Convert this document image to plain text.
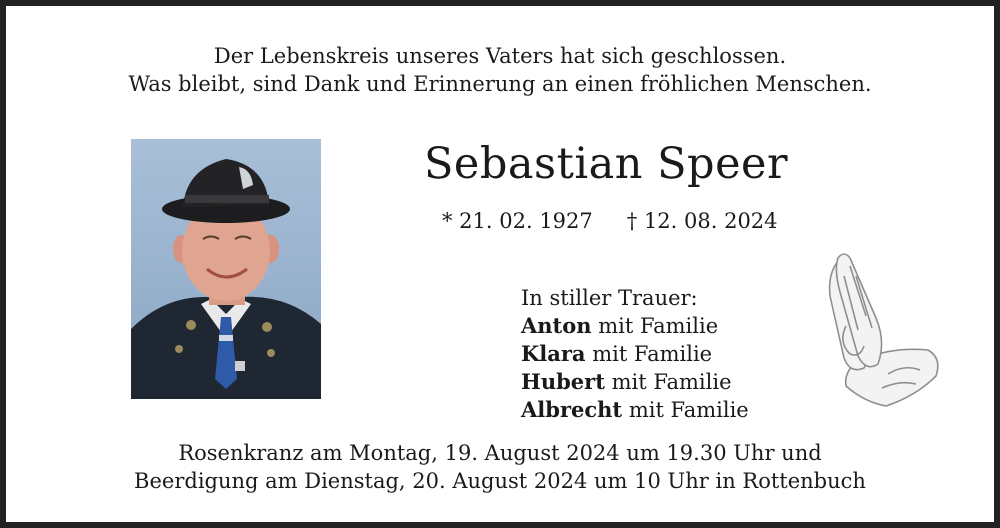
Der Lebenskreis unseres Vaters hat sich geschlossen.
Was bleibt, sind Dank und Erinnerung an einen fröhlichen Menschen.
Sebastian Speer
* 21. 02. 1927 † 12. 08. 2024
In stiller Trauer:
Anton mit Familie
Klara mit Familie
Hubert mit Familie
Albrecht mit Familie
Rosenkranz am Montag, 19. August 2024 um 19.30 Uhr und
Beerdigung am Dienstag, 20. August 2024 um 10 Uhr in Rottenbuch
